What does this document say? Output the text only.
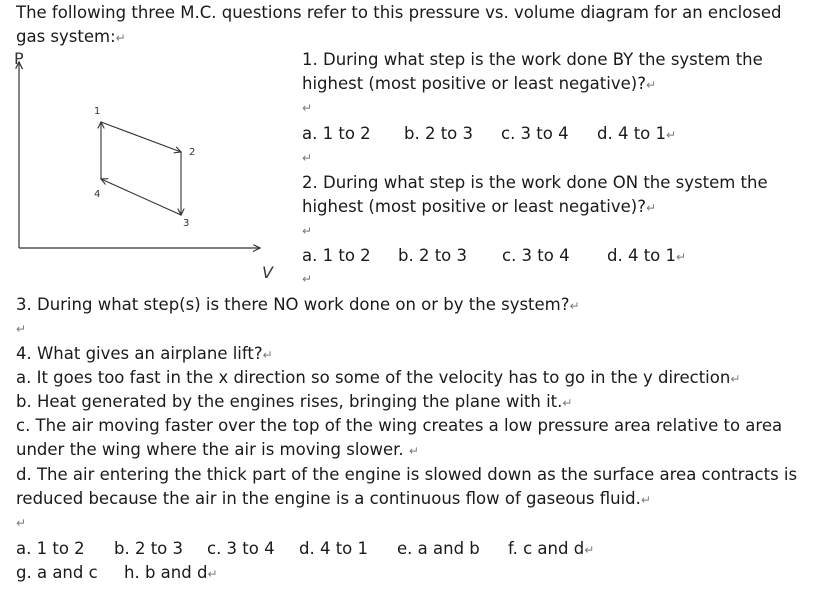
The following three M.C. questions refer to this pressure vs. volume diagram for an enclosed
gas system:↵
P
V
1
2
3
4
1. During what step is the work done BY the system the
highest (most positive or least negative)?↵
↵
a. 1 to 2 b. 2 to 3 c. 3 to 4 d. 4 to 1↵
↵
2. During what step is the work done ON the system the
highest (most positive or least negative)?↵
↵
a. 1 to 2 b. 2 to 3 c. 3 to 4 d. 4 to 1↵
↵
3. During what step(s) is there NO work done on or by the system?↵
↵
4. What gives an airplane lift?↵
a. It goes too fast in the x direction so some of the velocity has to go in the y direction↵
b. Heat generated by the engines rises, bringing the plane with it.↵
c. The air moving faster over the top of the wing creates a low pressure area relative to area
under the wing where the air is moving slower. ↵
d. The air entering the thick part of the engine is slowed down as the surface area contracts is
reduced because the air in the engine is a continuous flow of gaseous fluid.↵
↵
a. 1 to 2 b. 2 to 3 c. 3 to 4 d. 4 to 1 e. a and b f. c and d↵
g. a and c h. b and d↵
